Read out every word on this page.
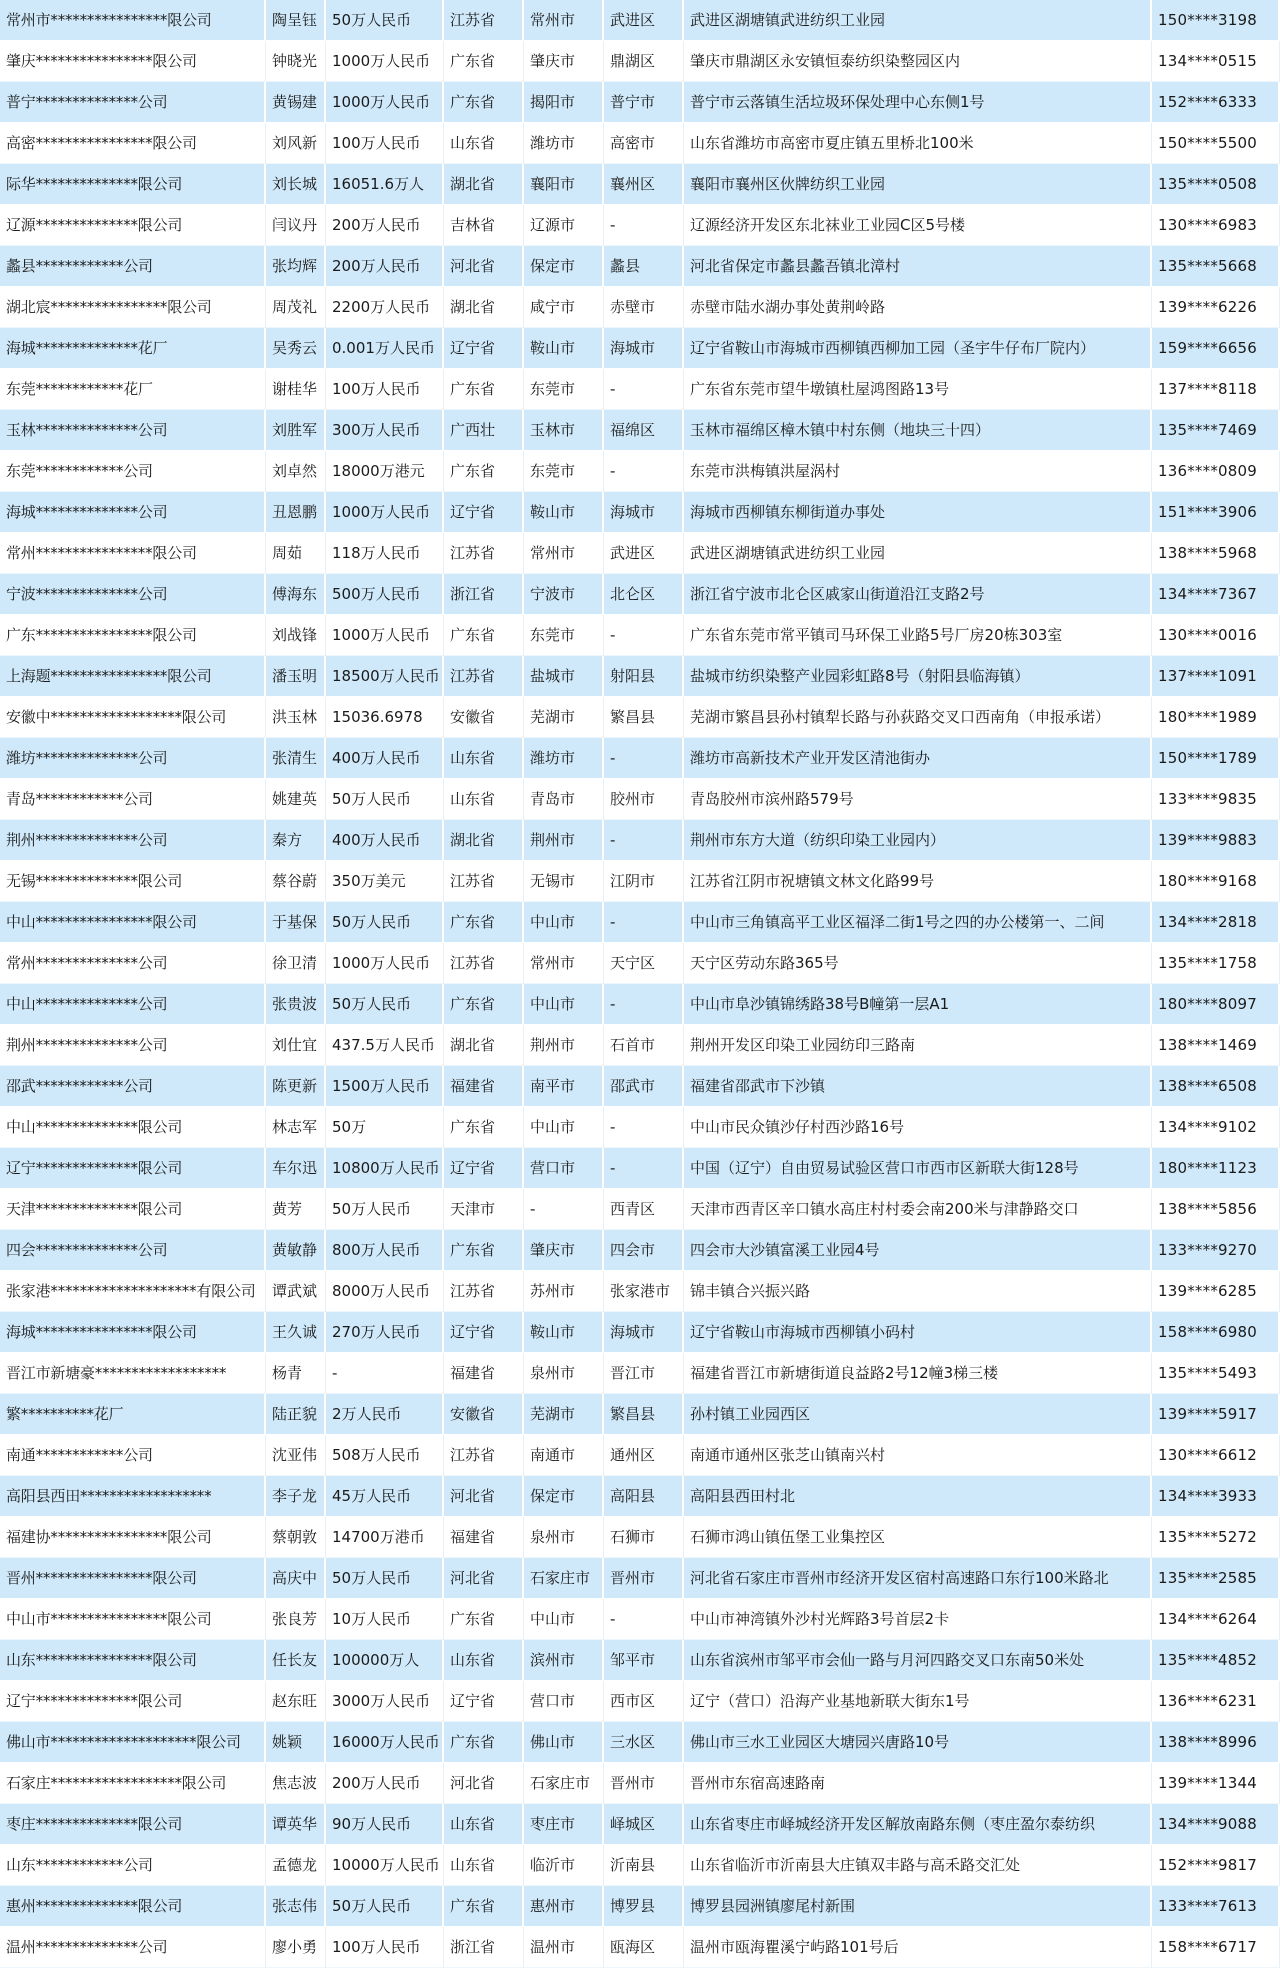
常州市****************限公司	陶呈钰	50万人民币	江苏省	常州市	武进区	武进区湖塘镇武进纺织工业园	150****3198
肇庆****************限公司	钟晓光	1000万人民币	广东省	肇庆市	鼎湖区	肇庆市鼎湖区永安镇恒泰纺织染整园区内	134****0515
普宁**************公司	黄锡建	1000万人民币	广东省	揭阳市	普宁市	普宁市云落镇生活垃圾环保处理中心东侧1号	152****6333
高密****************限公司	刘风新	100万人民币	山东省	潍坊市	高密市	山东省潍坊市高密市夏庄镇五里桥北100米	150****5500
际华**************限公司	刘长城	16051.6万人	湖北省	襄阳市	襄州区	襄阳市襄州区伙牌纺织工业园	135****0508
辽源**************限公司	闫议丹	200万人民币	吉林省	辽源市	-	辽源经济开发区东北袜业工业园C区5号楼	130****6983
蠡县************公司	张均辉	200万人民币	河北省	保定市	蠡县	河北省保定市蠡县蠡吾镇北漳村	135****5668
湖北宸****************限公司	周茂礼	2200万人民币	湖北省	咸宁市	赤壁市	赤壁市陆水湖办事处黄荆岭路	139****6226
海城**************花厂	吴秀云	0.001万人民币	辽宁省	鞍山市	海城市	辽宁省鞍山市海城市西柳镇西柳加工园（圣宇牛仔布厂院内）	159****6656
东莞************花厂	谢桂华	100万人民币	广东省	东莞市	-	广东省东莞市望牛墩镇杜屋鸿图路13号	137****8118
玉林**************公司	刘胜军	300万人民币	广西壮	玉林市	福绵区	玉林市福绵区樟木镇中村东侧（地块三十四）	135****7469
东莞************公司	刘卓然	18000万港元	广东省	东莞市	-	东莞市洪梅镇洪屋涡村	136****0809
海城**************公司	丑恩鹏	1000万人民币	辽宁省	鞍山市	海城市	海城市西柳镇东柳街道办事处	151****3906
常州****************限公司	周茹	118万人民币	江苏省	常州市	武进区	武进区湖塘镇武进纺织工业园	138****5968
宁波**************公司	傅海东	500万人民币	浙江省	宁波市	北仑区	浙江省宁波市北仑区戚家山街道沿江支路2号	134****7367
广东****************限公司	刘战锋	1000万人民币	广东省	东莞市	-	广东省东莞市常平镇司马环保工业路5号厂房20栋303室	130****0016
上海题****************限公司	潘玉明	18500万人民币	江苏省	盐城市	射阳县	盐城市纺织染整产业园彩虹路8号（射阳县临海镇）	137****1091
安徽中******************限公司	洪玉林	15036.6978	安徽省	芜湖市	繁昌县	芜湖市繁昌县孙村镇犁长路与孙荻路交叉口西南角（申报承诺）	180****1989
潍坊**************公司	张清生	400万人民币	山东省	潍坊市	-	潍坊市高新技术产业开发区清池街办	150****1789
青岛************公司	姚建英	50万人民币	山东省	青岛市	胶州市	青岛胶州市滨州路579号	133****9835
荆州**************公司	秦方	400万人民币	湖北省	荆州市	-	荆州市东方大道（纺织印染工业园内）	139****9883
无锡**************限公司	蔡谷蔚	350万美元	江苏省	无锡市	江阴市	江苏省江阴市祝塘镇文林文化路99号	180****9168
中山****************限公司	于基保	50万人民币	广东省	中山市	-	中山市三角镇高平工业区福泽二街1号之四的办公楼第一、二间	134****2818
常州**************公司	徐卫清	1000万人民币	江苏省	常州市	天宁区	天宁区劳动东路365号	135****1758
中山**************公司	张贵波	50万人民币	广东省	中山市	-	中山市阜沙镇锦绣路38号B幢第一层A1	180****8097
荆州**************公司	刘仕宜	437.5万人民币	湖北省	荆州市	石首市	荆州开发区印染工业园纺印三路南	138****1469
邵武************公司	陈更新	1500万人民币	福建省	南平市	邵武市	福建省邵武市下沙镇	138****6508
中山**************限公司	林志军	50万	广东省	中山市	-	中山市民众镇沙仔村西沙路16号	134****9102
辽宁**************限公司	车尔迅	10800万人民币	辽宁省	营口市	-	中国（辽宁）自由贸易试验区营口市西市区新联大街128号	180****1123
天津**************限公司	黄芳	50万人民币	天津市	-	西青区	天津市西青区辛口镇水高庄村村委会南200米与津静路交口	138****5856
四会**************公司	黄敏静	800万人民币	广东省	肇庆市	四会市	四会市大沙镇富溪工业园4号	133****9270
张家港********************有限公司	谭武斌	8000万人民币	江苏省	苏州市	张家港市	锦丰镇合兴振兴路	139****6285
海城****************限公司	王久诚	270万人民币	辽宁省	鞍山市	海城市	辽宁省鞍山市海城市西柳镇小码村	158****6980
晋江市新塘豪******************	杨青	-	福建省	泉州市	晋江市	福建省晋江市新塘街道良益路2号12幢3梯三楼	135****5493
繁**********花厂	陆正貌	2万人民币	安徽省	芜湖市	繁昌县	孙村镇工业园西区	139****5917
南通************公司	沈亚伟	508万人民币	江苏省	南通市	通州区	南通市通州区张芝山镇南兴村	130****6612
高阳县西田******************	李子龙	45万人民币	河北省	保定市	高阳县	高阳县西田村北	134****3933
福建协****************限公司	蔡朝敦	14700万港币	福建省	泉州市	石狮市	石狮市鸿山镇伍堡工业集控区	135****5272
晋州****************限公司	高庆中	50万人民币	河北省	石家庄市	晋州市	河北省石家庄市晋州市经济开发区宿村高速路口东行100米路北	135****2585
中山市****************限公司	张良芳	10万人民币	广东省	中山市	-	中山市神湾镇外沙村光辉路3号首层2卡	134****6264
山东****************限公司	任长友	100000万人	山东省	滨州市	邹平市	山东省滨州市邹平市会仙一路与月河四路交叉口东南50米处	135****4852
辽宁**************限公司	赵东旺	3000万人民币	辽宁省	营口市	西市区	辽宁（营口）沿海产业基地新联大街东1号	136****6231
佛山市********************限公司	姚颖	16000万人民币	广东省	佛山市	三水区	佛山市三水工业园区大塘园兴唐路10号	138****8996
石家庄******************限公司	焦志波	200万人民币	河北省	石家庄市	晋州市	晋州市东宿高速路南	139****1344
枣庄**************限公司	谭英华	90万人民币	山东省	枣庄市	峄城区	山东省枣庄市峄城经济开发区解放南路东侧（枣庄盈尔泰纺织	134****9088
山东************公司	孟德龙	10000万人民币	山东省	临沂市	沂南县	山东省临沂市沂南县大庄镇双丰路与高禾路交汇处	152****9817
惠州**************限公司	张志伟	50万人民币	广东省	惠州市	博罗县	博罗县园洲镇廖尾村新围	133****7613
温州**************公司	廖小勇	100万人民币	浙江省	温州市	瓯海区	温州市瓯海瞿溪宁屿路101号后	158****6717
